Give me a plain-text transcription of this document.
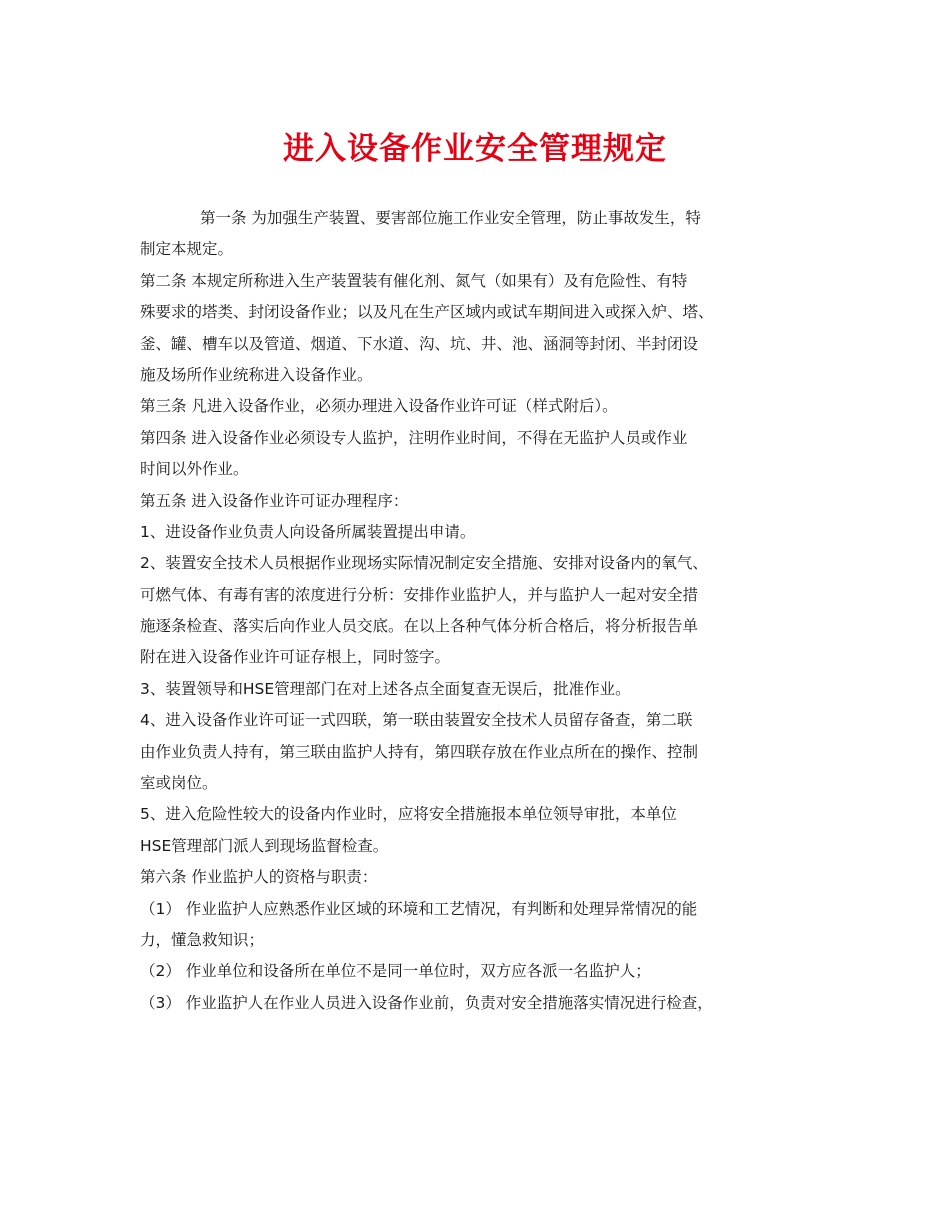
进入设备作业安全管理规定
第一条 为加强生产装置、要害部位施工作业安全管理，防止事故发生，特
制定本规定。
第二条 本规定所称进入生产装置装有催化剂、氮气（如果有）及有危险性、有特
殊要求的塔类、封闭设备作业；以及凡在生产区域内或试车期间进入或探入炉、塔、
釜、罐、槽车以及管道、烟道、下水道、沟、坑、井、池、涵洞等封闭、半封闭设
施及场所作业统称进入设备作业。
第三条 凡进入设备作业，必须办理进入设备作业许可证（样式附后）。
第四条 进入设备作业必须设专人监护，注明作业时间，不得在无监护人员或作业
时间以外作业。
第五条 进入设备作业许可证办理程序：
1、进设备作业负责人向设备所属装置提出申请。
2、装置安全技术人员根据作业现场实际情况制定安全措施、安排对设备内的氧气、
可燃气体、有毒有害的浓度进行分析：安排作业监护人，并与监护人一起对安全措
施逐条检查、落实后向作业人员交底。在以上各种气体分析合格后，将分析报告单
附在进入设备作业许可证存根上，同时签字。
3、装置领导和HSE管理部门在对上述各点全面复查无误后，批准作业。
4、进入设备作业许可证一式四联，第一联由装置安全技术人员留存备查，第二联
由作业负责人持有，第三联由监护人持有，第四联存放在作业点所在的操作、控制
室或岗位。
5、进入危险性较大的设备内作业时，应将安全措施报本单位领导审批，本单位
HSE管理部门派人到现场监督检查。
第六条 作业监护人的资格与职责：
（1） 作业监护人应熟悉作业区域的环境和工艺情况，有判断和处理异常情况的能
力，懂急救知识；
（2） 作业单位和设备所在单位不是同一单位时，双方应各派一名监护人；
（3） 作业监护人在作业人员进入设备作业前，负责对安全措施落实情况进行检查，
